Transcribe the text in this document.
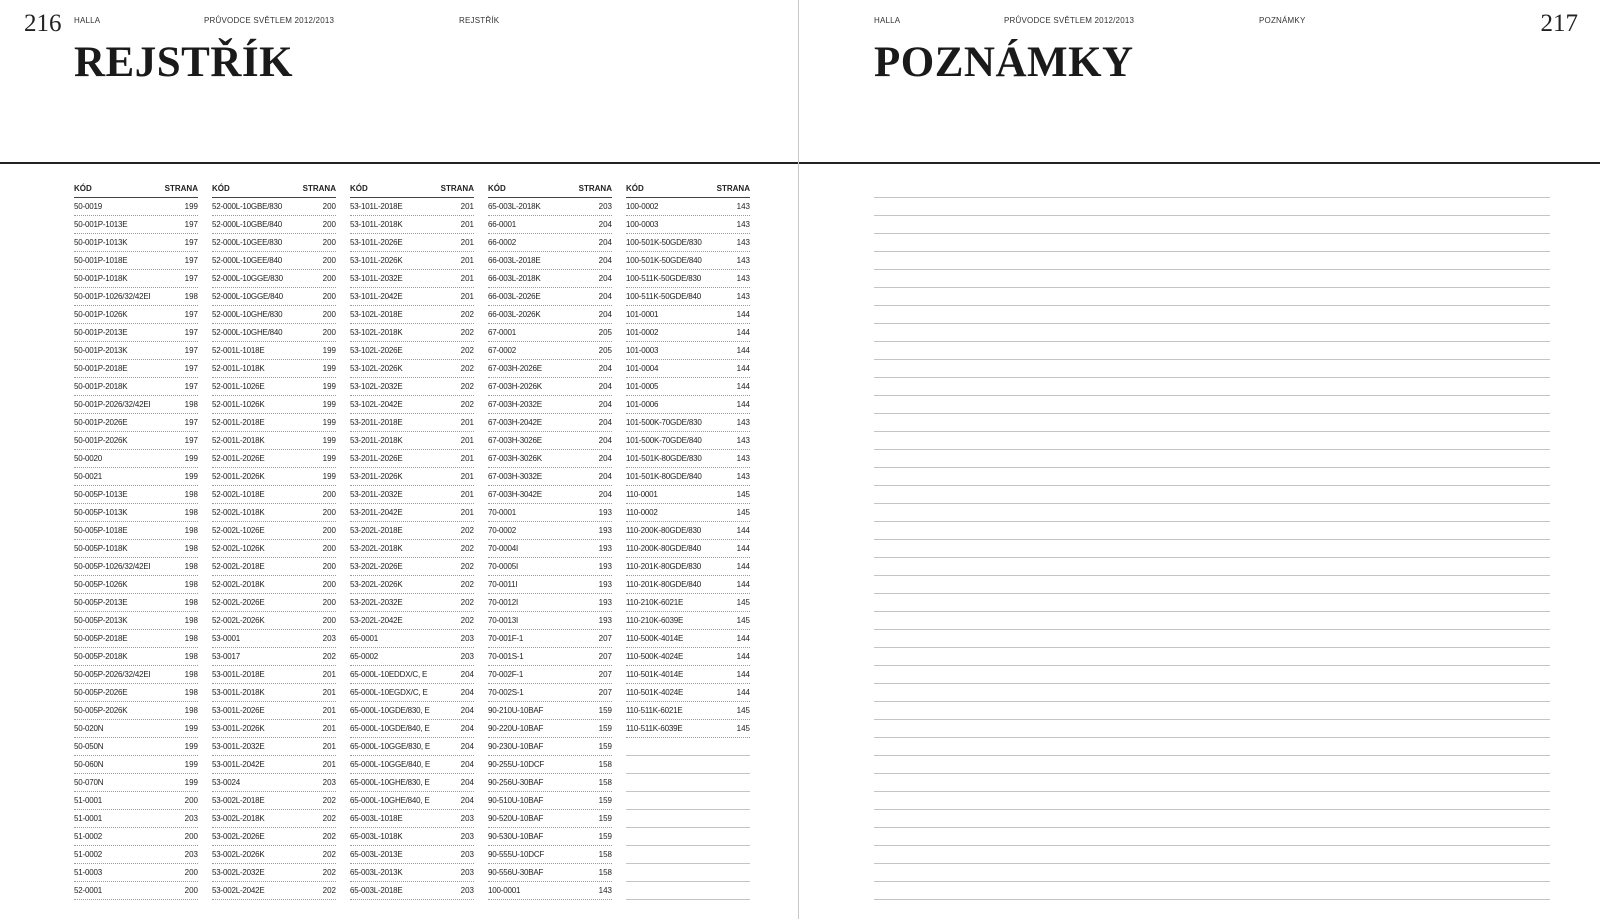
216 HALLA	PRŮVODCE SVĚTLEM 2012/2013	REJSTŘÍK
REJSTŘÍK
KÓD	STRANA
50-0019	199
50-001P-1013E	197
50-001P-1013K	197
50-001P-1018E	197
50-001P-1018K	197
50-001P-1026/32/42EI	198
50-001P-1026K	197
50-001P-2013E	197
50-001P-2013K	197
50-001P-2018E	197
50-001P-2018K	197
50-001P-2026/32/42EI	198
50-001P-2026E	197
50-001P-2026K	197
50-0020	199
50-0021	199
50-005P-1013E	198
50-005P-1013K	198
50-005P-1018E	198
50-005P-1018K	198
50-005P-1026/32/42EI	198
50-005P-1026K	198
50-005P-2013E	198
50-005P-2013K	198
50-005P-2018E	198
50-005P-2018K	198
50-005P-2026/32/42EI	198
50-005P-2026E	198
50-005P-2026K	198
50-020N	199
50-050N	199
50-060N	199
50-070N	199
51-0001	200
51-0001	203
51-0002	200
51-0002	203
51-0003	200
52-0001	200
KÓD	STRANA
52-000L-10GBE/830	200
52-000L-10GBE/840	200
52-000L-10GEE/830	200
52-000L-10GEE/840	200
52-000L-10GGE/830	200
52-000L-10GGE/840	200
52-000L-10GHE/830	200
52-000L-10GHE/840	200
52-001L-1018E	199
52-001L-1018K	199
52-001L-1026E	199
52-001L-1026K	199
52-001L-2018E	199
52-001L-2018K	199
52-001L-2026E	199
52-001L-2026K	199
52-002L-1018E	200
52-002L-1018K	200
52-002L-1026E	200
52-002L-1026K	200
52-002L-2018E	200
52-002L-2018K	200
52-002L-2026E	200
52-002L-2026K	200
53-0001	203
53-0017	202
53-001L-2018E	201
53-001L-2018K	201
53-001L-2026E	201
53-001L-2026K	201
53-001L-2032E	201
53-001L-2042E	201
53-0024	203
53-002L-2018E	202
53-002L-2018K	202
53-002L-2026E	202
53-002L-2026K	202
53-002L-2032E	202
53-002L-2042E	202
KÓD	STRANA
53-101L-2018E	201
53-101L-2018K	201
53-101L-2026E	201
53-101L-2026K	201
53-101L-2032E	201
53-101L-2042E	201
53-102L-2018E	202
53-102L-2018K	202
53-102L-2026E	202
53-102L-2026K	202
53-102L-2032E	202
53-102L-2042E	202
53-201L-2018E	201
53-201L-2018K	201
53-201L-2026E	201
53-201L-2026K	201
53-201L-2032E	201
53-201L-2042E	201
53-202L-2018E	202
53-202L-2018K	202
53-202L-2026E	202
53-202L-2026K	202
53-202L-2032E	202
53-202L-2042E	202
65-0001	203
65-0002	203
65-000L-10EDDX/C, E	204
65-000L-10EGDX/C, E	204
65-000L-10GDE/830, E	204
65-000L-10GDE/840, E	204
65-000L-10GGE/830, E	204
65-000L-10GGE/840, E	204
65-000L-10GHE/830, E	204
65-000L-10GHE/840, E	204
65-003L-1018E	203
65-003L-1018K	203
65-003L-2013E	203
65-003L-2013K	203
65-003L-2018E	203
KÓD	STRANA
65-003L-2018K	203
66-0001	204
66-0002	204
66-003L-2018E	204
66-003L-2018K	204
66-003L-2026E	204
66-003L-2026K	204
67-0001	205
67-0002	205
67-003H-2026E	204
67-003H-2026K	204
67-003H-2032E	204
67-003H-2042E	204
67-003H-3026E	204
67-003H-3026K	204
67-003H-3032E	204
67-003H-3042E	204
70-0001	193
70-0002	193
70-0004I	193
70-0005I	193
70-0011I	193
70-0012I	193
70-0013I	193
70-001F-1	207
70-001S-1	207
70-002F-1	207
70-002S-1	207
90-210U-10BAF	159
90-220U-10BAF	159
90-230U-10BAF	159
90-255U-10DCF	158
90-256U-30BAF	158
90-510U-10BAF	159
90-520U-10BAF	159
90-530U-10BAF	159
90-555U-10DCF	158
90-556U-30BAF	158
100-0001	143
KÓD	STRANA
100-0002	143
100-0003	143
100-501K-50GDE/830	143
100-501K-50GDE/840	143
100-511K-50GDE/830	143
100-511K-50GDE/840	143
101-0001	144
101-0002	144
101-0003	144
101-0004	144
101-0005	144
101-0006	144
101-500K-70GDE/830	143
101-500K-70GDE/840	143
101-501K-80GDE/830	143
101-501K-80GDE/840	143
110-0001	145
110-0002	145
110-200K-80GDE/830	144
110-200K-80GDE/840	144
110-201K-80GDE/830	144
110-201K-80GDE/840	144
110-210K-6021E	145
110-210K-6039E	145
110-500K-4014E	144
110-500K-4024E	144
110-501K-4014E	144
110-501K-4024E	144
110-511K-6021E	145
110-511K-6039E	145
217
HALLA	PRŮVODCE SVĚTLEM 2012/2013	POZNÁMKY
POZNÁMKY
